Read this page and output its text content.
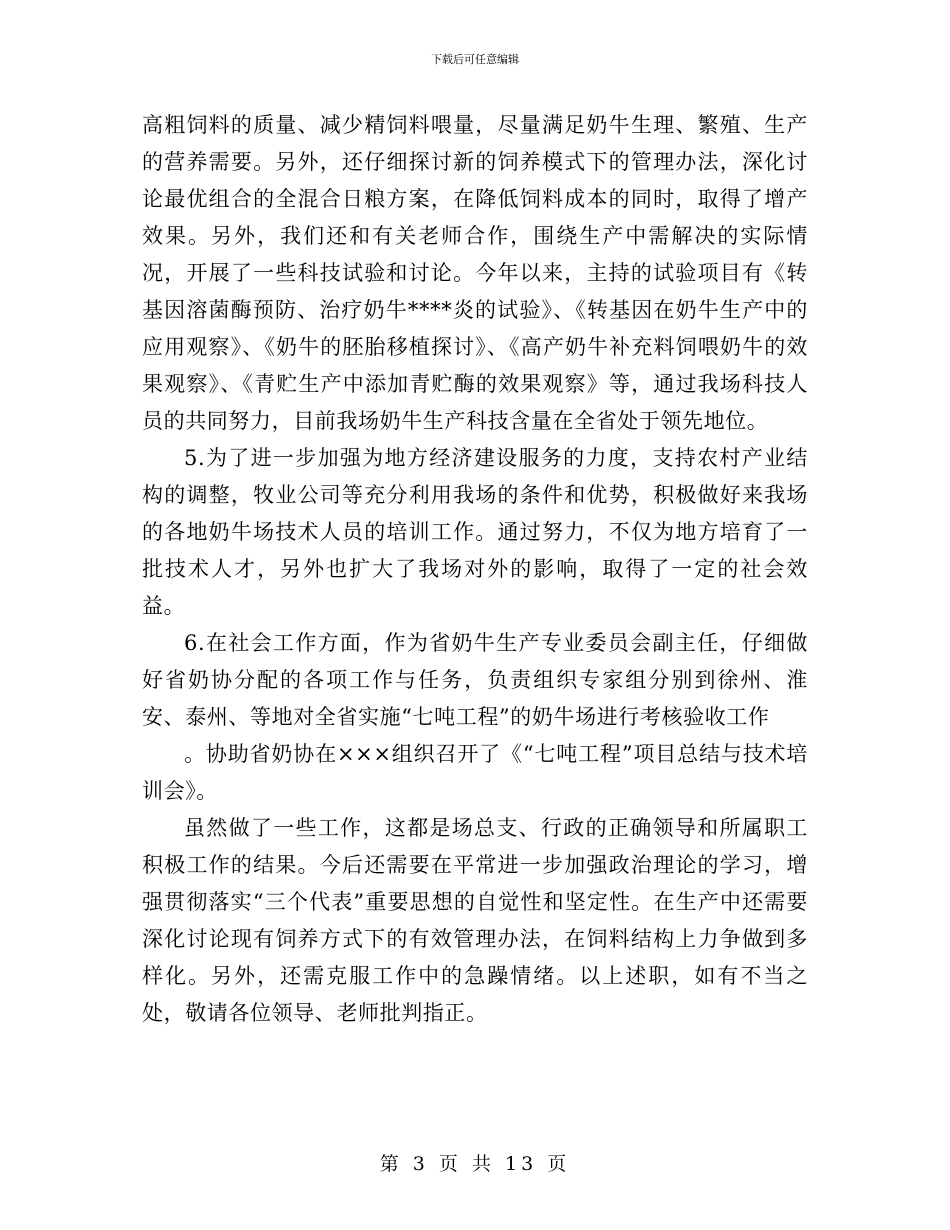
下载后可任意编辑

高粗饲料的质量、减少精饲料喂量，尽量满足奶牛生理、繁殖、生产的营养需要。另外，还仔细探讨新的饲养模式下的管理办法，深化讨论最优组合的全混合日粮方案，在降低饲料成本的同时，取得了增产效果。另外，我们还和有关老师合作，围绕生产中需解决的实际情况，开展了一些科技试验和讨论。今年以来，主持的试验项目有《转基因溶菌酶预防、治疗奶牛****炎的试验》、《转基因在奶牛生产中的应用观察》、《奶牛的胚胎移植探讨》、《高产奶牛补充料饲喂奶牛的效果观察》、《青贮生产中添加青贮酶的效果观察》等，通过我场科技人员的共同努力，目前我场奶牛生产科技含量在全省处于领先地位。

5.为了进一步加强为地方经济建设服务的力度，支持农村产业结构的调整，牧业公司等充分利用我场的条件和优势，积极做好来我场的各地奶牛场技术人员的培训工作。通过努力，不仅为地方培育了一批技术人才，另外也扩大了我场对外的影响，取得了一定的社会效益。

6.在社会工作方面，作为省奶牛生产专业委员会副主任，仔细做好省奶协分配的各项工作与任务，负责组织专家组分别到徐州、淮安、泰州、等地对全省实施“七吨工程”的奶牛场进行考核验收工作

。协助省奶协在×××组织召开了《“七吨工程”项目总结与技术培训会》。

虽然做了一些工作，这都是场总支、行政的正确领导和所属职工积极工作的结果。今后还需要在平常进一步加强政治理论的学习，增强贯彻落实“三个代表”重要思想的自觉性和坚定性。在生产中还需要深化讨论现有饲养方式下的有效管理办法，在饲料结构上力争做到多样化。另外，还需克服工作中的急躁情绪。以上述职，如有不当之处，敬请各位领导、老师批判指正。

第 3 页 共 13 页
